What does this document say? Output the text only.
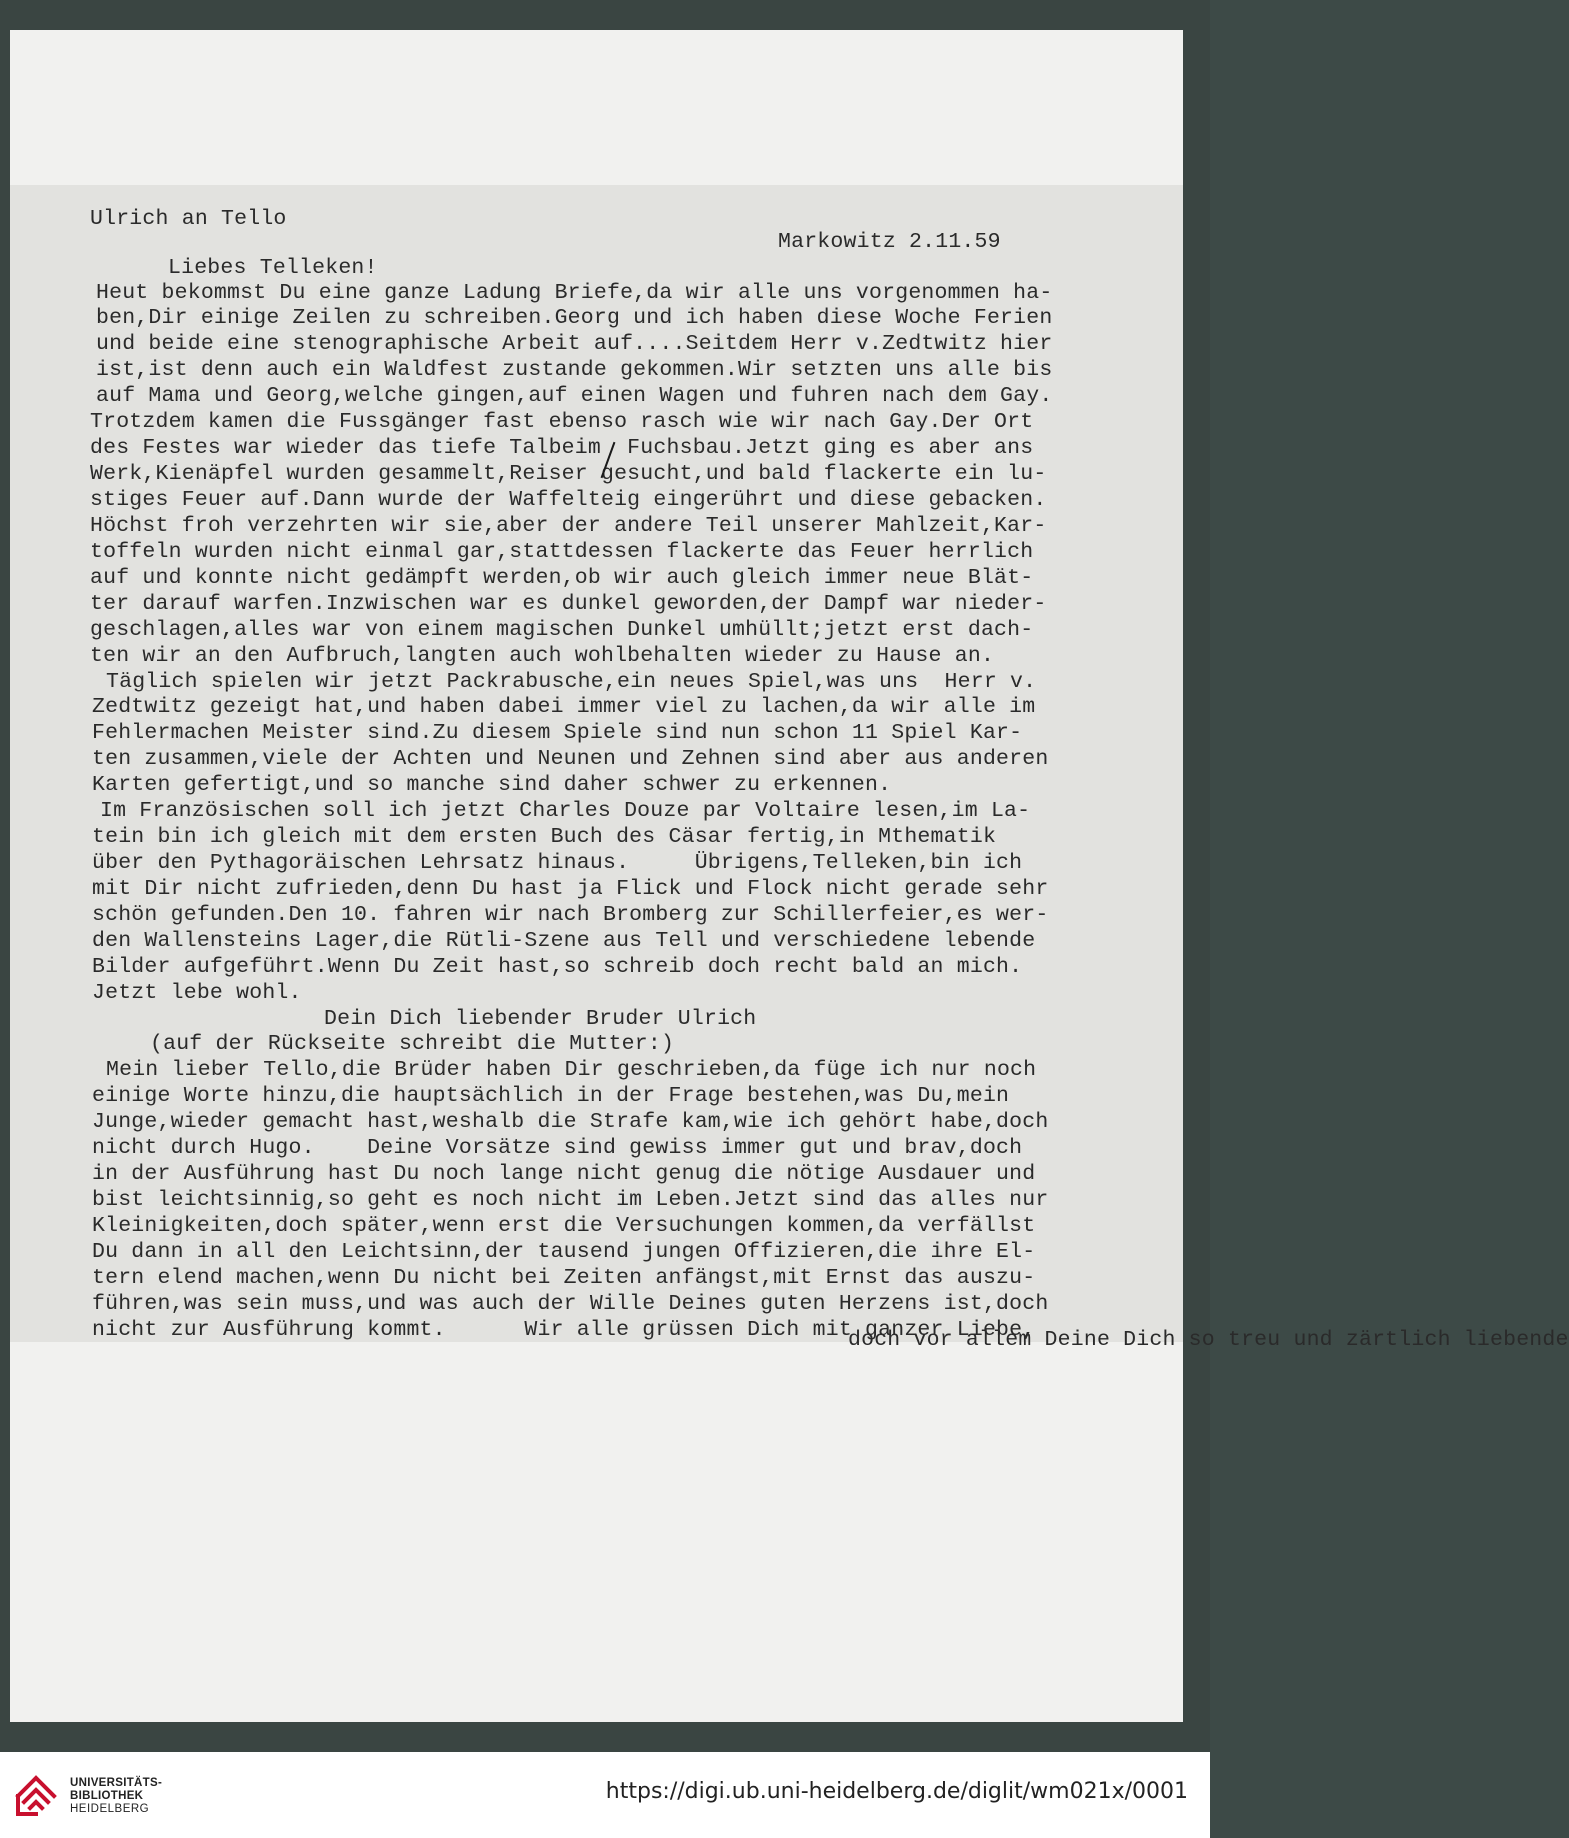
Ulrich an Tello
Markowitz 2.11.59
Liebes Telleken!
Heut bekommst Du eine ganze Ladung Briefe,da wir alle uns vorgenommen ha-
ben,Dir einige Zeilen zu schreiben.Georg und ich haben diese Woche Ferien
und beide eine stenographische Arbeit auf....Seitdem Herr v.Zedtwitz hier
ist,ist denn auch ein Waldfest zustande gekommen.Wir setzten uns alle bis
auf Mama und Georg,welche gingen,auf einen Wagen und fuhren nach dem Gay.
Trotzdem kamen die Fussgänger fast ebenso rasch wie wir nach Gay.Der Ort
des Festes war wieder das tiefe Talbeim  Fuchsbau.Jetzt ging es aber ans
Werk,Kienäpfel wurden gesammelt,Reiser gesucht,und bald flackerte ein lu-
stiges Feuer auf.Dann wurde der Waffelteig eingerührt und diese gebacken.
Höchst froh verzehrten wir sie,aber der andere Teil unserer Mahlzeit,Kar-
toffeln wurden nicht einmal gar,stattdessen flackerte das Feuer herrlich
auf und konnte nicht gedämpft werden,ob wir auch gleich immer neue Blät-
ter darauf warfen.Inzwischen war es dunkel geworden,der Dampf war nieder-
geschlagen,alles war von einem magischen Dunkel umhüllt;jetzt erst dach-
ten wir an den Aufbruch,langten auch wohlbehalten wieder zu Hause an.
Täglich spielen wir jetzt Packrabusche,ein neues Spiel,was uns  Herr v.
Zedtwitz gezeigt hat,und haben dabei immer viel zu lachen,da wir alle im
Fehlermachen Meister sind.Zu diesem Spiele sind nun schon 11 Spiel Kar-
ten zusammen,viele der Achten und Neunen und Zehnen sind aber aus anderen
Karten gefertigt,und so manche sind daher schwer zu erkennen.
Im Französischen soll ich jetzt Charles Douze par Voltaire lesen,im La-
tein bin ich gleich mit dem ersten Buch des Cäsar fertig,in Mthematik
über den Pythagoräischen Lehrsatz hinaus.     Übrigens,Telleken,bin ich
mit Dir nicht zufrieden,denn Du hast ja Flick und Flock nicht gerade sehr
schön gefunden.Den 10. fahren wir nach Bromberg zur Schillerfeier,es wer-
den Wallensteins Lager,die Rütli-Szene aus Tell und verschiedene lebende
Bilder aufgeführt.Wenn Du Zeit hast,so schreib doch recht bald an mich.
Jetzt lebe wohl.
Dein Dich liebender Bruder Ulrich
(auf der Rückseite schreibt die Mutter:)
Mein lieber Tello,die Brüder haben Dir geschrieben,da füge ich nur noch
einige Worte hinzu,die hauptsächlich in der Frage bestehen,was Du,mein
Junge,wieder gemacht hast,weshalb die Strafe kam,wie ich gehört habe,doch
nicht durch Hugo.    Deine Vorsätze sind gewiss immer gut und brav,doch
in der Ausführung hast Du noch lange nicht genug die nötige Ausdauer und
bist leichtsinnig,so geht es noch nicht im Leben.Jetzt sind das alles nur
Kleinigkeiten,doch später,wenn erst die Versuchungen kommen,da verfällst
Du dann in all den Leichtsinn,der tausend jungen Offizieren,die ihre El-
tern elend machen,wenn Du nicht bei Zeiten anfängst,mit Ernst das auszu-
führen,was sein muss,und was auch der Wille Deines guten Herzens ist,doch
nicht zur Ausführung kommt.      Wir alle grüssen Dich mit ganzer Liebe,
doch vor allem Deine Dich so treu und zärtlich liebende
UNIVERSITÄTS-
BIBLIOTHEK
HEIDELBERG
https://digi.ub.uni-heidelberg.de/diglit/wm021x/0001
